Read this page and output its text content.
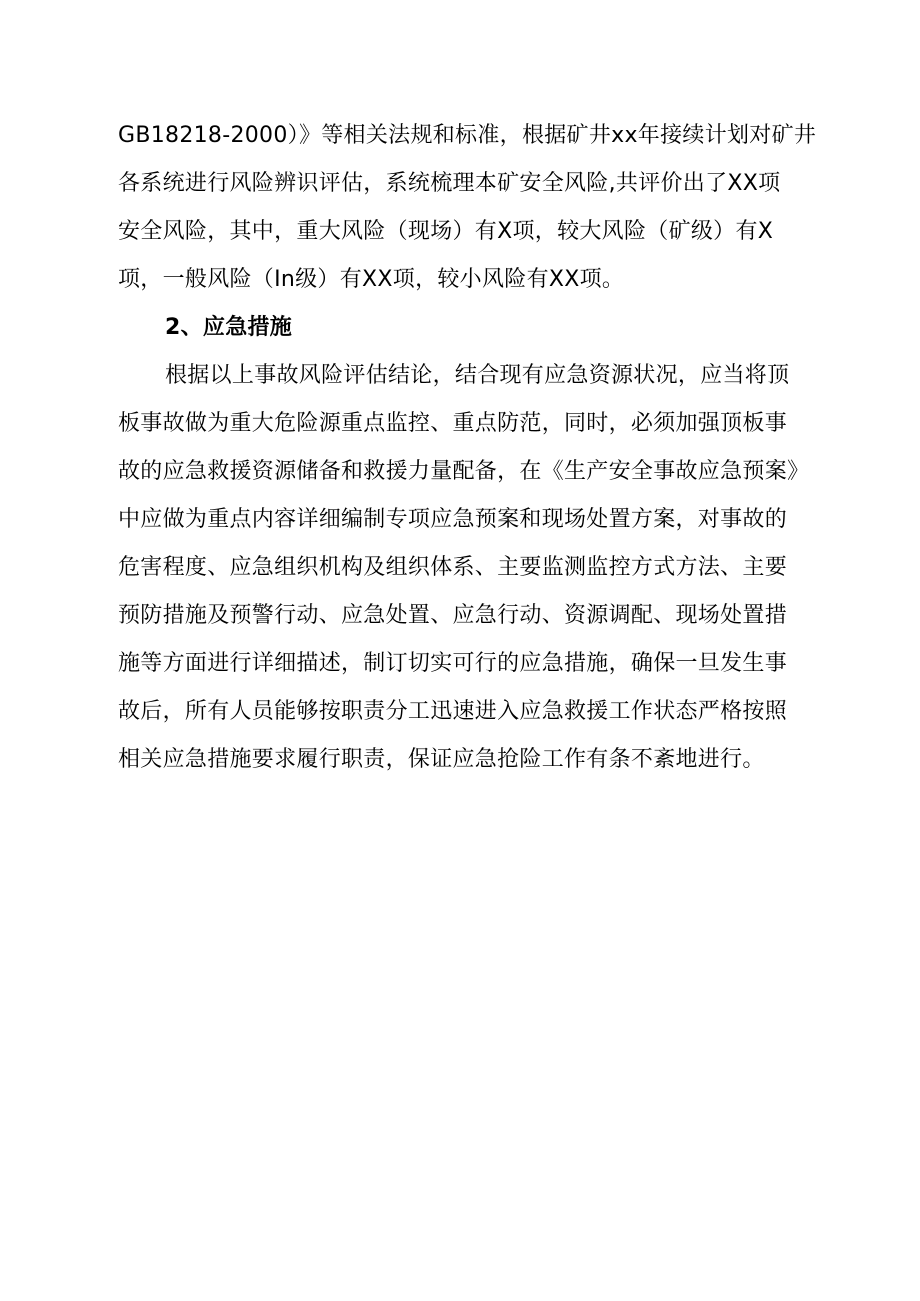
GB18218-2000）》等相关法规和标准，根据矿井xx年接续计划对矿井
各系统进行风险辨识评估，系统梳理本矿安全风险,共评价出了XX项
安全风险，其中，重大风险（现场）有X项，较大风险（矿级）有X
项，一般风险（In级）有XX项，较小风险有XX项。
2、应急措施
根据以上事故风险评估结论，结合现有应急资源状况，应当将顶
板事故做为重大危险源重点监控、重点防范，同时，必须加强顶板事
故的应急救援资源储备和救援力量配备，在《生产安全事故应急预案》
中应做为重点内容详细编制专项应急预案和现场处置方案，对事故的
危害程度、应急组织机构及组织体系、主要监测监控方式方法、主要
预防措施及预警行动、应急处置、应急行动、资源调配、现场处置措
施等方面进行详细描述，制订切实可行的应急措施，确保一旦发生事
故后，所有人员能够按职责分工迅速进入应急救援工作状态严格按照
相关应急措施要求履行职责，保证应急抢险工作有条不紊地进行。
